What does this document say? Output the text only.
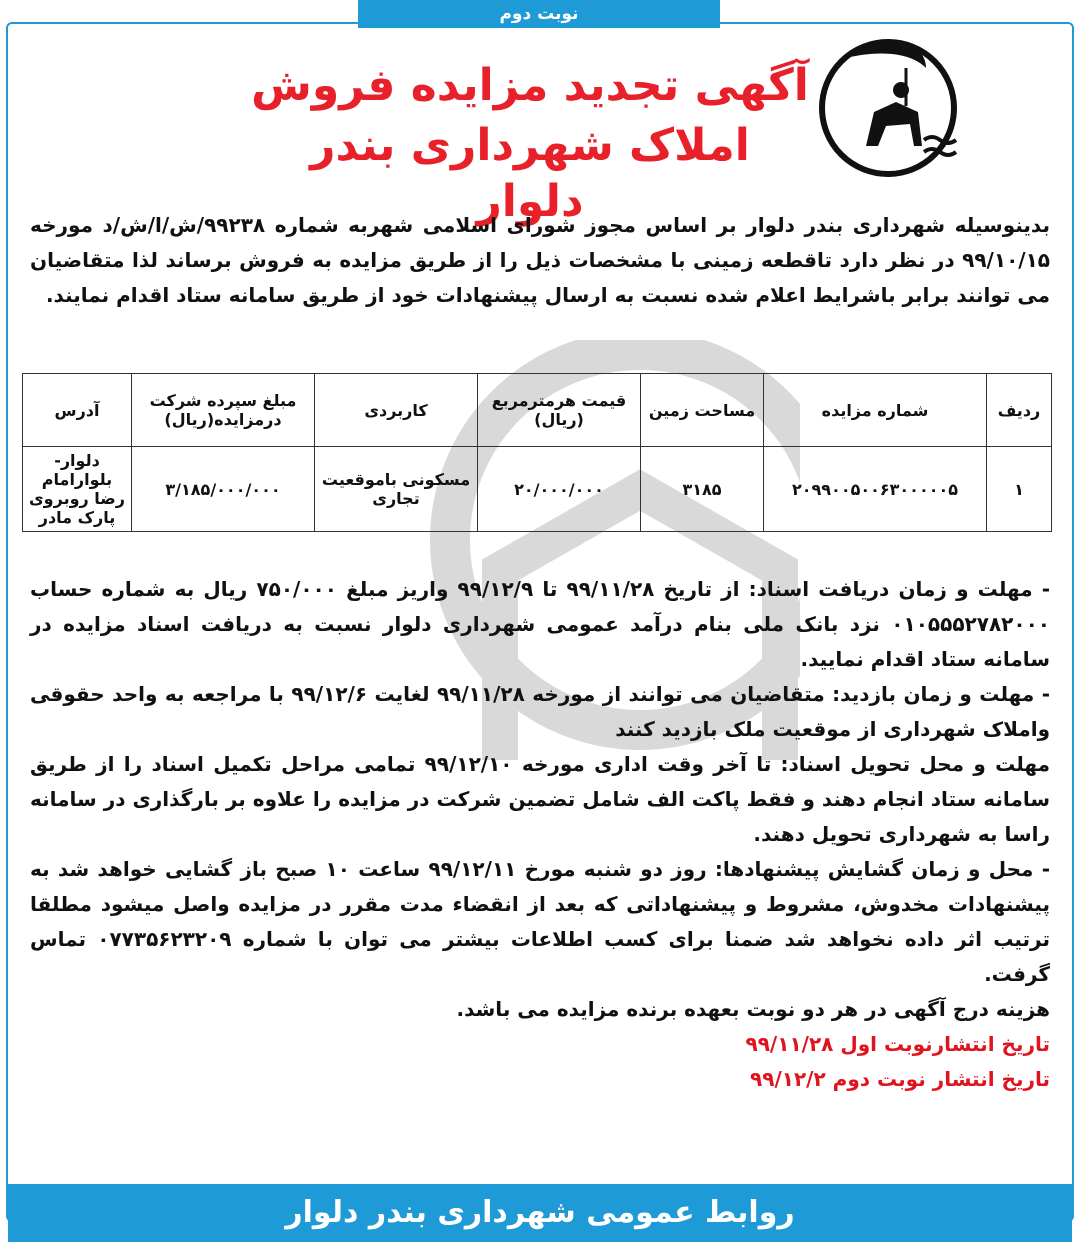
نوبت دوم
آگهی تجدید مزایده فروش
املاک شهرداری بندر دلوار
بدینوسیله شهرداری بندر دلوار بر اساس مجوز شورای اسلامی شهربه شماره ۹۹۲۳۸/ش/ا/ش/د مورخه ۹۹/۱۰/۱۵ در نظر دارد تاقطعه زمینی با مشخصات ذیل را از طریق مزایده به فروش برساند لذا متقاضیان می توانند برابر باشرایط اعلام شده نسبت به ارسال پیشنهادات خود از طریق سامانه ستاد اقدام نمایند.
ردیف	شماره مزایده	مساحت زمین	قیمت هرمترمربع (ریال)	کاربردی	مبلغ سپرده شرکت درمزایده(ریال)	آدرس
۱	۲۰۹۹۰۰۵۰۰۶۳۰۰۰۰۰۵	۳۱۸۵	۲۰/۰۰۰/۰۰۰	مسکونی باموقعیت تجاری	۳/۱۸۵/۰۰۰/۰۰۰	دلوار-بلوارامام رضا روبروی پارک مادر

- مهلت و زمان دریافت اسناد: از تاریخ ۹۹/۱۱/۲۸ تا ۹۹/۱۲/۹ واریز مبلغ ۷۵۰/۰۰۰ ریال به شماره حساب ۰۱۰۵۵۵۲۷۸۲۰۰۰ نزد بانک ملی بنام درآمد عمومی شهرداری دلوار نسبت به دریافت اسناد مزایده در سامانه ستاد اقدام نمایید.

- مهلت و زمان بازدید: متقاضیان می توانند از مورخه ۹۹/۱۱/۲۸ لغایت ۹۹/۱۲/۶ با مراجعه به واحد حقوقی واملاک شهرداری از موقعیت ملک بازدید کنند

مهلت و محل تحویل اسناد: تا آخر وقت اداری مورخه ۹۹/۱۲/۱۰ تمامی مراحل تکمیل اسناد را از طریق سامانه ستاد انجام دهند و فقط پاکت الف شامل تضمین شرکت در مزایده را علاوه بر بارگذاری در سامانه راسا به شهرداری تحویل دهند.

- محل و زمان گشایش پیشنهادها: روز دو شنبه مورخ ۹۹/۱۲/۱۱ ساعت ۱۰ صبح باز گشایی خواهد شد به پیشنهادات مخدوش، مشروط و پیشنهاداتی که بعد از انقضاء مدت مقرر در مزایده واصل میشود مطلقا ترتیب اثر داده نخواهد شد ضمنا برای کسب اطلاعات بیشتر می توان با شماره ۰۷۷۳۵۶۲۳۲۰۹ تماس گرفت.

هزینه درج آگهی در هر دو نوبت بعهده برنده مزایده می باشد.

تاریخ انتشارنوبت اول ۹۹/۱۱/۲۸

تاریخ انتشار نوبت دوم ۹۹/۱۲/۲

روابط عمومی شهرداری بندر دلوار
